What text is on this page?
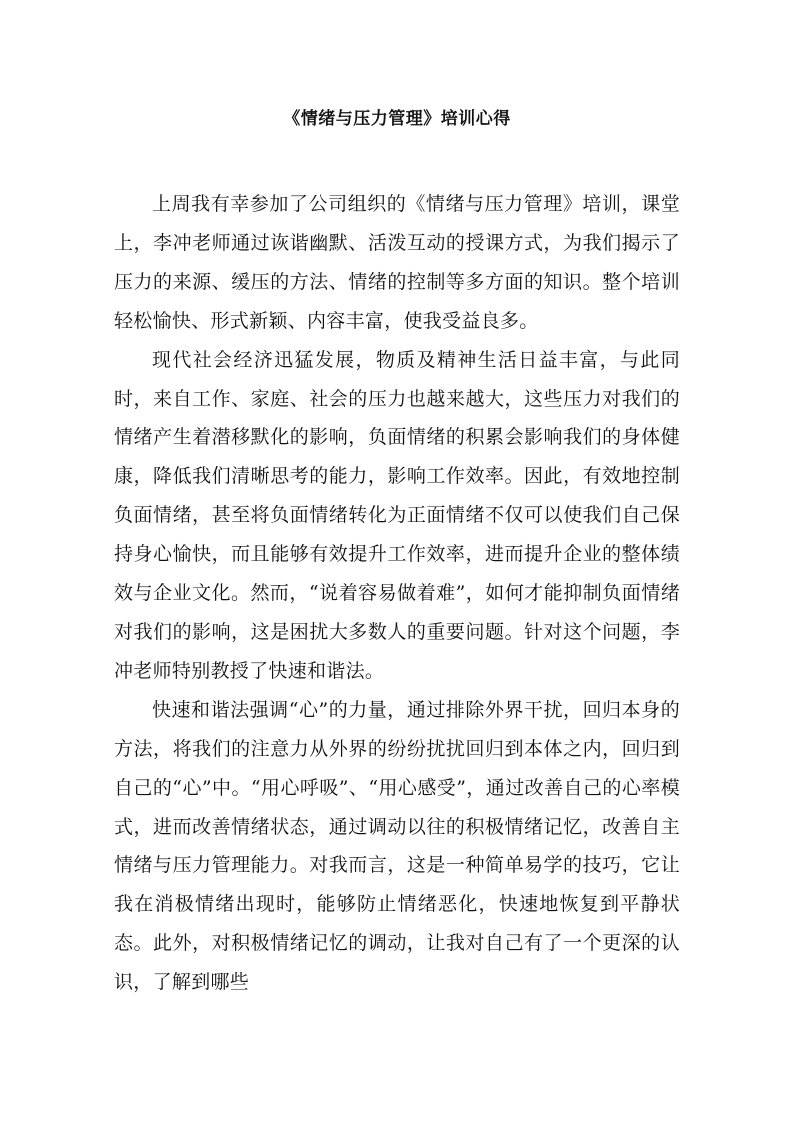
《情绪与压力管理》培训心得

上周我有幸参加了公司组织的《情绪与压力管理》培训，课堂上，李冲老师通过诙谐幽默、活泼互动的授课方式，为我们揭示了压力的来源、缓压的方法、情绪的控制等多方面的知识。整个培训轻松愉快、形式新颖、内容丰富，使我受益良多。

现代社会经济迅猛发展，物质及精神生活日益丰富，与此同时，来自工作、家庭、社会的压力也越来越大，这些压力对我们的情绪产生着潜移默化的影响，负面情绪的积累会影响我们的身体健康，降低我们清晰思考的能力，影响工作效率。因此，有效地控制负面情绪，甚至将负面情绪转化为正面情绪不仅可以使我们自己保持身心愉快，而且能够有效提升工作效率，进而提升企业的整体绩效与企业文化。然而，“说着容易做着难”，如何才能抑制负面情绪对我们的影响，这是困扰大多数人的重要问题。针对这个问题，李冲老师特别教授了快速和谐法。

快速和谐法强调“心”的力量，通过排除外界干扰，回归本身的方法，将我们的注意力从外界的纷纷扰扰回归到本体之内，回归到自己的“心”中。“用心呼吸”、“用心感受”，通过改善自己的心率模式，进而改善情绪状态，通过调动以往的积极情绪记忆，改善自主情绪与压力管理能力。对我而言，这是一种简单易学的技巧，它让我在消极情绪出现时，能够防止情绪恶化，快速地恢复到平静状态。此外，对积极情绪记忆的调动，让我对自己有了一个更深的认识，了解到哪些
